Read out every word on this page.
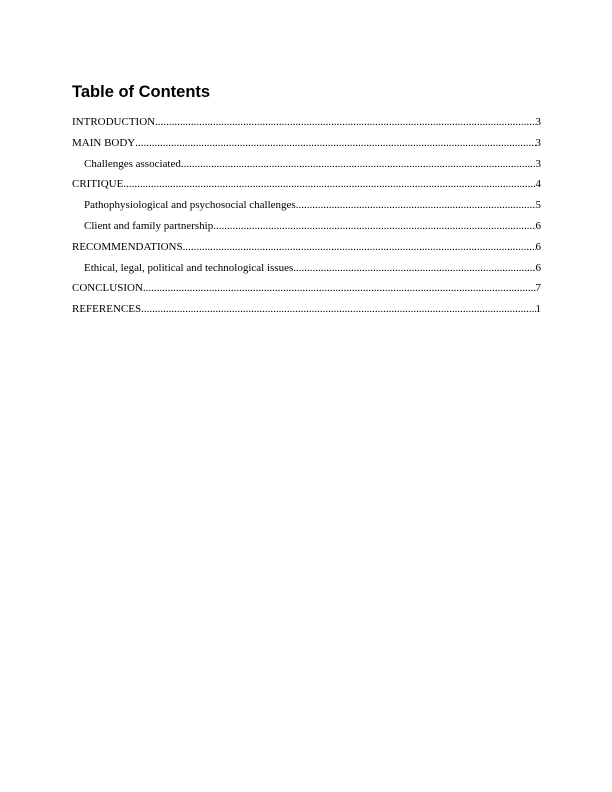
Table of Contents
INTRODUCTION .....	3
MAIN BODY .....	3
Challenges associated .....	3
CRITIQUE .....	4
Pathophysiological and psychosocial challenges .....	5
Client and family partnership .....	6
RECOMMENDATIONS .....	6
Ethical, legal, political and technological issues .....	6
CONCLUSION .....	7
REFERENCES .....	1
